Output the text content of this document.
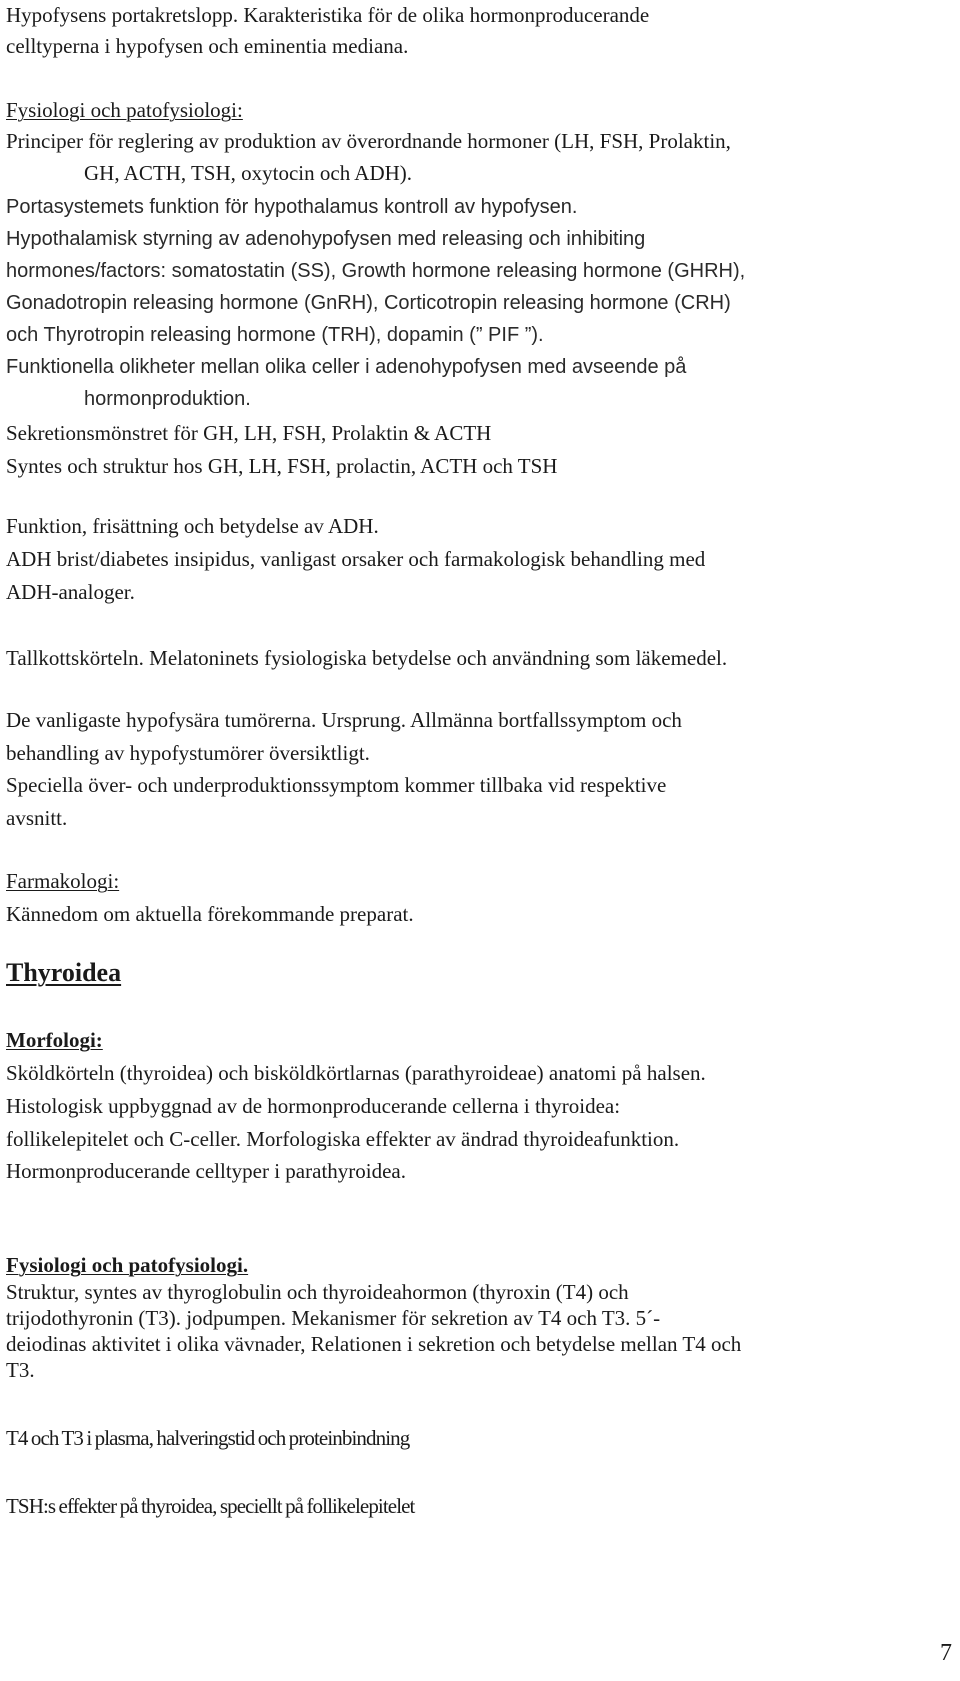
Hypofysens portakretslopp. Karakteristika för de olika hormonproducerande
celltyperna i hypofysen och eminentia mediana.
Fysiologi och patofysiologi:
Principer för reglering av produktion av överordnande hormoner (LH, FSH, Prolaktin,
GH, ACTH, TSH, oxytocin och ADH).
Portasystemets funktion för hypothalamus kontroll av hypofysen.
Hypothalamisk styrning av adenohypofysen med releasing och inhibiting
hormones/factors: somatostatin (SS), Growth hormone releasing hormone (GHRH),
Gonadotropin releasing hormone (GnRH), Corticotropin releasing hormone (CRH)
och Thyrotropin releasing hormone (TRH), dopamin (” PIF ”).
Funktionella olikheter mellan olika celler i adenohypofysen med avseende på
hormonproduktion.
Sekretionsmönstret för GH, LH, FSH, Prolaktin & ACTH
Syntes och struktur hos GH, LH, FSH, prolactin, ACTH och TSH
Funktion, frisättning och betydelse av ADH.
ADH brist/diabetes insipidus, vanligast orsaker och farmakologisk behandling med
ADH-analoger.
Tallkottskörteln. Melatoninets fysiologiska betydelse och användning som läkemedel.
De vanligaste hypofysära tumörerna. Ursprung. Allmänna bortfallssymptom och
behandling av hypofystumörer översiktligt.
Speciella över- och underproduktionssymptom kommer tillbaka vid respektive
avsnitt.
Farmakologi:
Kännedom om aktuella förekommande preparat.
Thyroidea
Morfologi:
Sköldkörteln (thyroidea) och bisköldkörtlarnas (parathyroideae) anatomi på halsen.
Histologisk uppbyggnad av de hormonproducerande cellerna i thyroidea:
follikelepitelet och C-celler. Morfologiska effekter av ändrad thyroideafunktion.
Hormonproducerande celltyper i parathyroidea.
Fysiologi och patofysiologi.
Struktur, syntes av thyroglobulin och thyroideahormon (thyroxin (T4) och
trijodothyronin (T3). jodpumpen. Mekanismer för sekretion av T4 och T3. 5´-
deiodinas aktivitet i olika vävnader, Relationen i sekretion och betydelse mellan T4 och
T3.
T4 och T3 i plasma, halveringstid och proteinbindning
TSH:s effekter på thyroidea, speciellt på follikelepitelet
7
